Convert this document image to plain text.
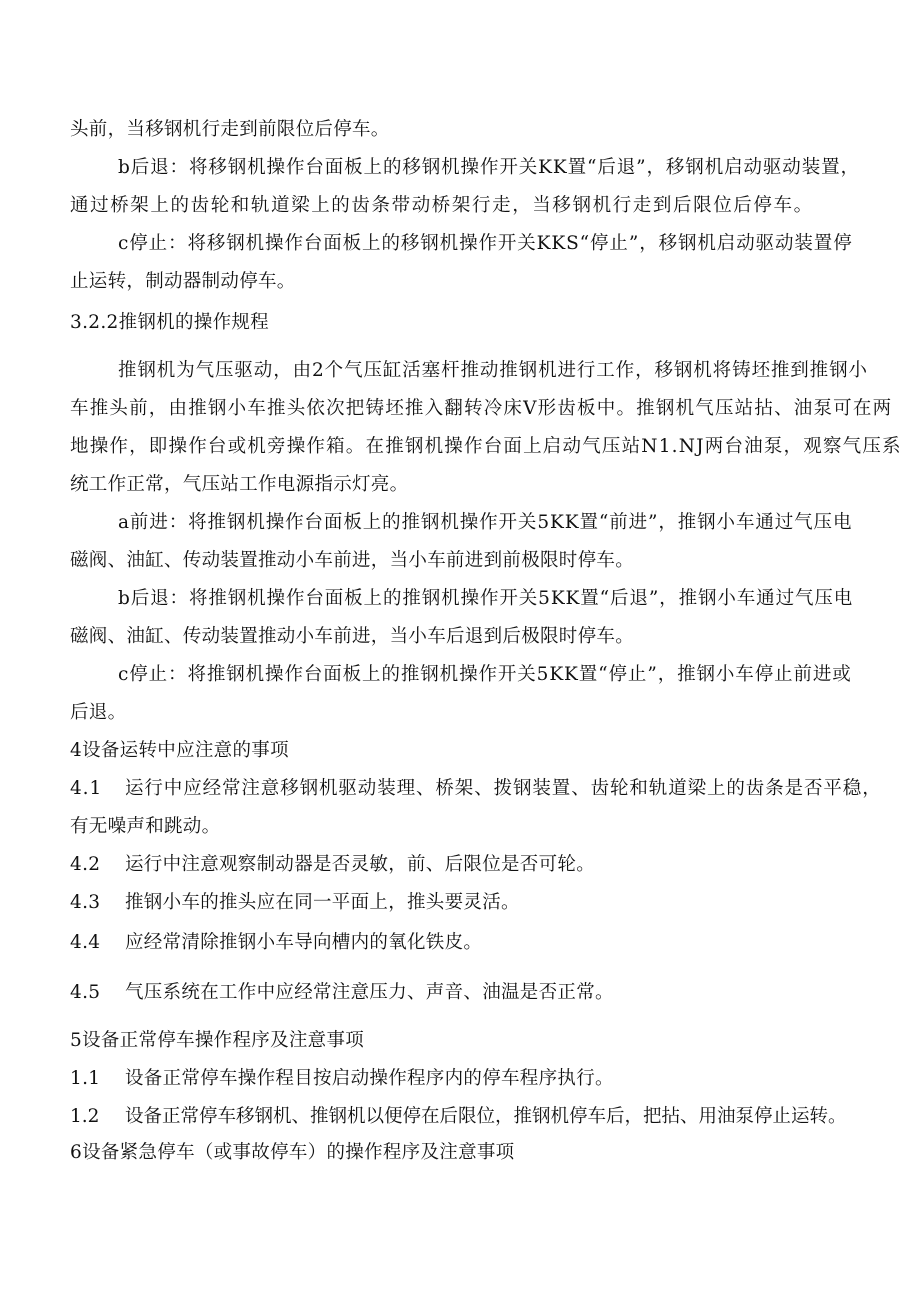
头前，当移钢机行走到前限位后停车。
b后退：将移钢机操作台面板上的移钢机操作开关KK置“后退”，移钢机启动驱动装置，
通过桥架上的齿轮和轨道梁上的齿条带动桥架行走，当移钢机行走到后限位后停车。
c停止：将移钢机操作台面板上的移钢机操作开关KKS“停止”，移钢机启动驱动装置停
止运转，制动器制动停车。
3.2.2推钢机的操作规程
推钢机为气压驱动，由2个气压缸活塞杆推动推钢机进行工作，移钢机将铸坯推到推钢小
车推头前，由推钢小车推头依次把铸坯推入翻转冷床V形齿板中。推钢机气压站拈、油泵可在两
地操作，即操作台或机旁操作箱。在推钢机操作台面上启动气压站N1.NJ两台油泵，观察气压系
统工作正常，气压站工作电源指示灯亮。
a前进：将推钢机操作台面板上的推钢机操作开关5KK置“前进”，推钢小车通过气压电
磁阀、油缸、传动装置推动小车前进，当小车前进到前极限时停车。
b后退：将推钢机操作台面板上的推钢机操作开关5KK置“后退”，推钢小车通过气压电
磁阀、油缸、传动装置推动小车前进，当小车后退到后极限时停车。
c停止：将推钢机操作台面板上的推钢机操作开关5KK置“停止”，推钢小车停止前进或
后退。
4设备运转中应注意的事项
4.1 运行中应经常注意移钢机驱动装理、桥架、拨钢装置、齿轮和轨道梁上的齿条是否平稳，
有无噪声和跳动。
4.2 运行中注意观察制动器是否灵敏，前、后限位是否可轮。
4.3 推钢小车的推头应在同一平面上，推头要灵活。
4.4 应经常清除推钢小车导向槽内的氧化铁皮。
4.5 气压系统在工作中应经常注意压力、声音、油温是否正常。
5设备正常停车操作程序及注意事项
1.1 设备正常停车操作程目按启动操作程序内的停车程序执行。
1.2 设备正常停车移钢机、推钢机以便停在后限位，推钢机停车后，把拈、用油泵停止运转。
6设备紧急停车（或事故停车）的操作程序及注意事项
